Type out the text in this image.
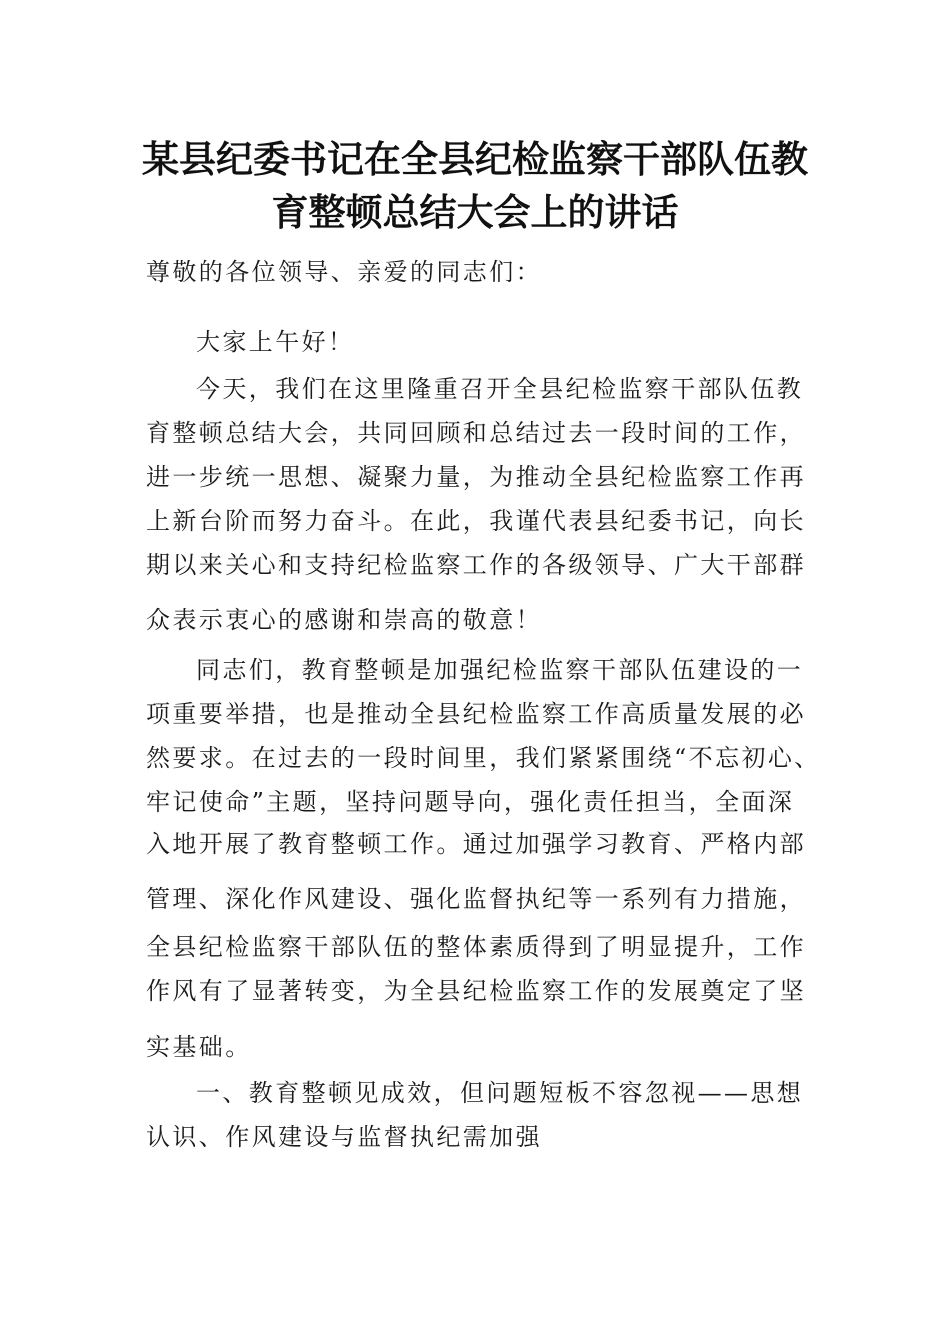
某县纪委书记在全县纪检监察干部队伍教
育整顿总结大会上的讲话
尊敬的各位领导、亲爱的同志们：
大家上午好！
今天，我们在这里隆重召开全县纪检监察干部队伍教
育整顿总结大会，共同回顾和总结过去一段时间的工作，
进一步统一思想、凝聚力量，为推动全县纪检监察工作再
上新台阶而努力奋斗。在此，我谨代表县纪委书记，向长
期以来关心和支持纪检监察工作的各级领导、广大干部群
众表示衷心的感谢和崇高的敬意！
同志们，教育整顿是加强纪检监察干部队伍建设的一
项重要举措，也是推动全县纪检监察工作高质量发展的必
然要求。在过去的一段时间里，我们紧紧围绕“不忘初心、
牢记使命”主题，坚持问题导向，强化责任担当，全面深
入地开展了教育整顿工作。通过加强学习教育、严格内部
管理、深化作风建设、强化监督执纪等一系列有力措施，
全县纪检监察干部队伍的整体素质得到了明显提升，工作
作风有了显著转变，为全县纪检监察工作的发展奠定了坚
实基础。
一、教育整顿见成效，但问题短板不容忽视——思想
认识、作风建设与监督执纪需加强
